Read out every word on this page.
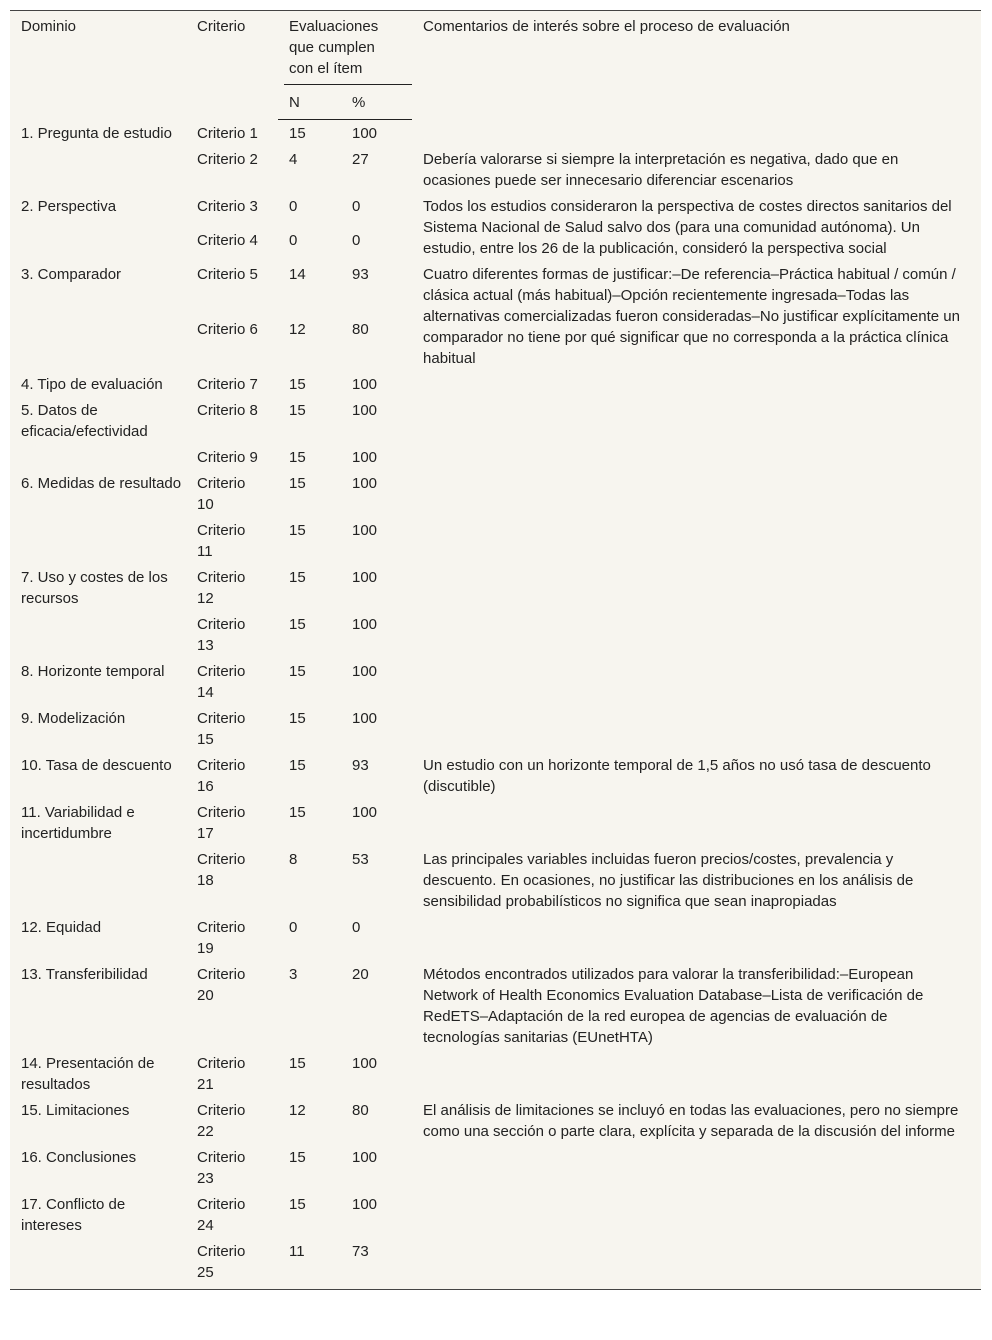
Dominio	Criterio	Evaluaciones que cumplen con el ítem		Comentarios de interés sobre el proceso de evaluación
		N	%	
1. Pregunta de estudio	Criterio 1	15	100	
	Criterio 2	4	27	Debería valorarse si siempre la interpretación es negativa, dado que en ocasiones puede ser innecesario diferenciar escenarios
2. Perspectiva	Criterio 3	0	0	Todos los estudios consideraron la perspectiva de costes directos sanitarios del Sistema Nacional de Salud salvo dos (para una comunidad autónoma). Un estudio, entre los 26 de la publicación, consideró la perspectiva social
	Criterio 4	0	0	
3. Comparador	Criterio 5	14	93	Cuatro diferentes formas de justificar:–De referencia–Práctica habitual / común / clásica actual (más habitual)–Opción recientemente ingresada–Todas las alternativas comercializadas fueron consideradas–No justificar explícitamente un comparador no tiene por qué significar que no corresponda a la práctica clínica habitual
	Criterio 6	12	80	
4. Tipo de evaluación	Criterio 7	15	100	
5. Datos de eficacia/efectividad	Criterio 8	15	100	
	Criterio 9	15	100	
6. Medidas de resultado	Criterio 10	15	100	
	Criterio 11	15	100	
7. Uso y costes de los recursos	Criterio 12	15	100	
	Criterio 13	15	100	
8. Horizonte temporal	Criterio 14	15	100	
9. Modelización	Criterio 15	15	100	
10. Tasa de descuento	Criterio 16	15	93	Un estudio con un horizonte temporal de 1,5 años no usó tasa de descuento (discutible)
11. Variabilidad e incertidumbre	Criterio 17	15	100	
	Criterio 18	8	53	Las principales variables incluidas fueron precios/costes, prevalencia y descuento. En ocasiones, no justificar las distribuciones en los análisis de sensibilidad probabilísticos no significa que sean inapropiadas
12. Equidad	Criterio 19	0	0	
13. Transferibilidad	Criterio 20	3	20	Métodos encontrados utilizados para valorar la transferibilidad:–European Network of Health Economics Evaluation Database–Lista de verificación de RedETS–Adaptación de la red europea de agencias de evaluación de tecnologías sanitarias (EUnetHTA)
14. Presentación de resultados	Criterio 21	15	100	
15. Limitaciones	Criterio 22	12	80	El análisis de limitaciones se incluyó en todas las evaluaciones, pero no siempre como una sección o parte clara, explícita y separada de la discusión del informe
16. Conclusiones	Criterio 23	15	100	
17. Conflicto de intereses	Criterio 24	15	100	
	Criterio 25	11	73	
